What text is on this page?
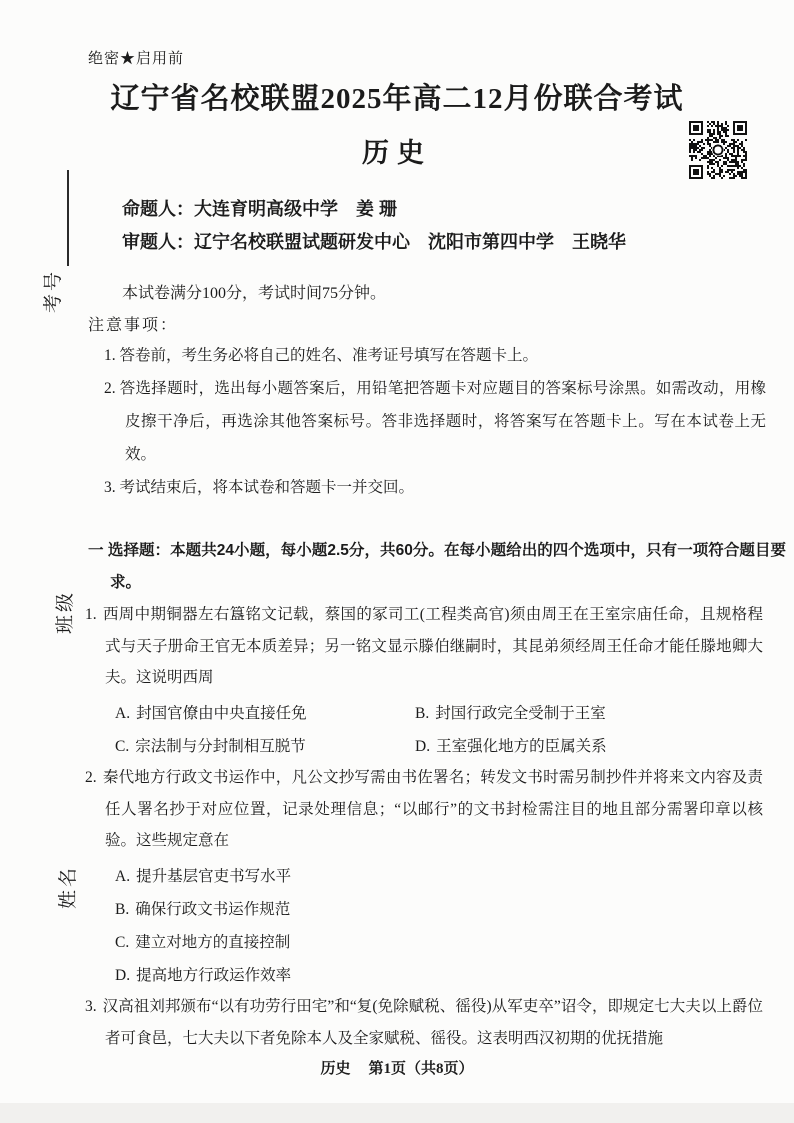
绝密★启用前
辽宁省名校联盟2025年高二12月份联合考试
历史
考号
班级
姓名
命题人：大连育明高级中学　姜 珊
审题人：辽宁名校联盟试题研发中心　沈阳市第四中学　王晓华
本试卷满分100分，考试时间75分钟。
注意事项：

1. 答卷前，考生务必将自己的姓名、准考证号填写在答题卡上。

2. 答选择题时，选出每小题答案后，用铅笔把答题卡对应题目的答案标号涂黑。如需改动，用橡皮擦干净后，再选涂其他答案标号。答非选择题时，将答案写在答题卡上。写在本试卷上无效。

3. 考试结束后，将本试卷和答题卡一并交回。

一 选择题：本题共24小题，每小题2.5分，共60分。在每小题给出的四个选项中，只有一项符合题目要求。

1. 西周中期铜器左右簋铭文记载，蔡国的冢司工(工程类高官)须由周王在王室宗庙任命，且规格程式与天子册命王官无本质差异；另一铭文显示滕伯继嗣时，其昆弟须经周王任命才能任滕地卿大夫。这说明西周

A. 封国官僚由中央直接任免	B. 封国行政完全受制于王室
C. 宗法制与分封制相互脱节	D. 王室强化地方的臣属关系

2. 秦代地方行政文书运作中，凡公文抄写需由书佐署名；转发文书时需另制抄件并将来文内容及责任人署名抄于对应位置，记录处理信息；“以邮行”的文书封检需注目的地且部分需署印章以核验。这些规定意在

A. 提升基层官吏书写水平
B. 确保行政文书运作规范
C. 建立对地方的直接控制
D. 提高地方行政运作效率

3. 汉高祖刘邦颁布“以有功劳行田宅”和“复(免除赋税、徭役)从军吏卒”诏令，即规定七大夫以上爵位者可食邑，七大夫以下者免除本人及全家赋税、徭役。这表明西汉初期的优抚措施

历史 第1页（共8页）
